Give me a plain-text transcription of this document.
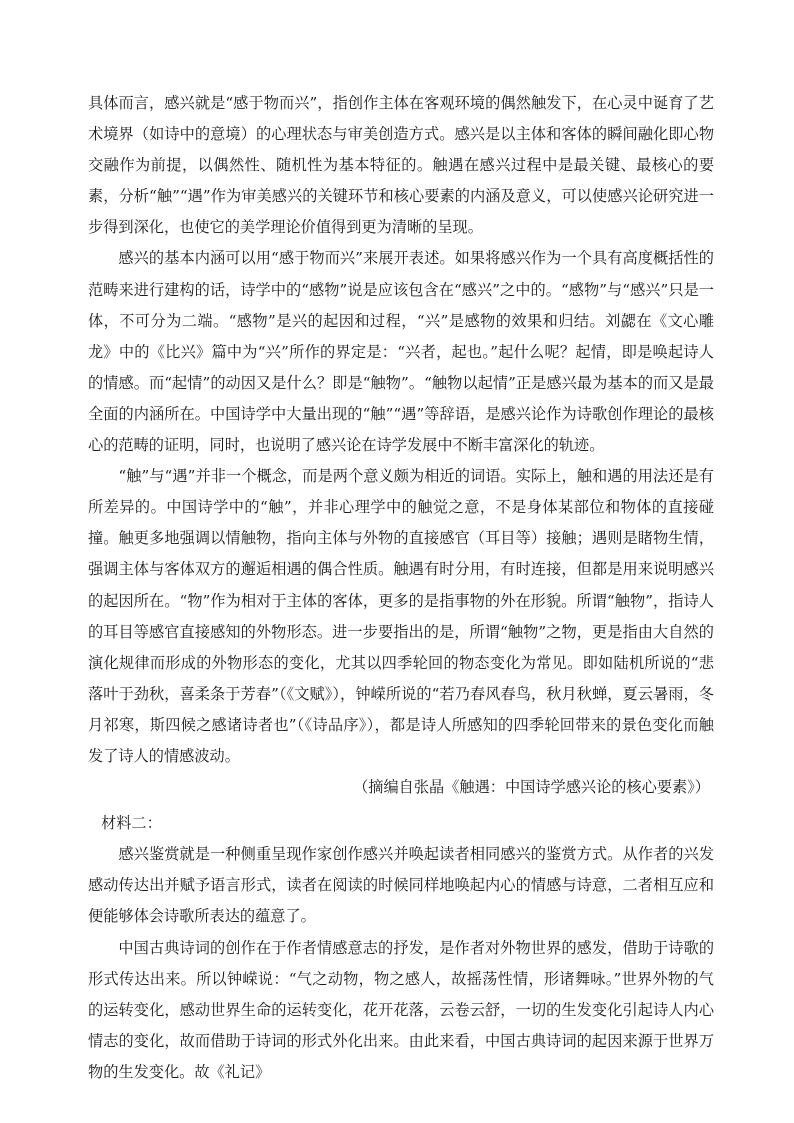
具体而言，感兴就是“感于物而兴”，指创作主体在客观环境的偶然触发下，在心灵中诞育了艺术境界（如诗中的意境）的心理状态与审美创造方式。感兴是以主体和客体的瞬间融化即心物交融作为前提，以偶然性、随机性为基本特征的。触遇在感兴过程中是最关键、最核心的要素，分析“触”“遇”作为审美感兴的关键环节和核心要素的内涵及意义，可以使感兴论研究进一步得到深化，也使它的美学理论价值得到更为清晰的呈现。

感兴的基本内涵可以用“感于物而兴”来展开表述。如果将感兴作为一个具有高度概括性的范畴来进行建构的话，诗学中的“感物”说是应该包含在“感兴”之中的。“感物”与“感兴”只是一体，不可分为二端。“感物”是兴的起因和过程，“兴”是感物的效果和归结。刘勰在《文心雕龙》中的《比兴》篇中为“兴”所作的界定是：“兴者，起也。”起什么呢？起情，即是唤起诗人的情感。而“起情”的动因又是什么？即是“触物”。“触物以起情”正是感兴最为基本的而又是最全面的内涵所在。中国诗学中大量出现的“触”“遇”等辞语，是感兴论作为诗歌创作理论的最核心的范畴的证明，同时，也说明了感兴论在诗学发展中不断丰富深化的轨迹。

“触”与“遇”并非一个概念，而是两个意义颇为相近的词语。实际上，触和遇的用法还是有所差异的。中国诗学中的“触”，并非心理学中的触觉之意，不是身体某部位和物体的直接碰撞。触更多地强调以情触物，指向主体与外物的直接感官（耳目等）接触；遇则是睹物生情，强调主体与客体双方的邂逅相遇的偶合性质。触遇有时分用，有时连接，但都是用来说明感兴的起因所在。“物”作为相对于主体的客体，更多的是指事物的外在形貌。所谓“触物”，指诗人的耳目等感官直接感知的外物形态。进一步要指出的是，所谓“触物”之物，更是指由大自然的演化规律而形成的外物形态的变化，尤其以四季轮回的物态变化为常见。即如陆机所说的“悲落叶于劲秋，喜柔条于芳春”（《文赋》），钟嵘所说的“若乃春风春鸟，秋月秋蝉，夏云暑雨，冬月祁寒，斯四候之感诸诗者也”（《诗品序》），都是诗人所感知的四季轮回带来的景色变化而触发了诗人的情感波动。

（摘编自张晶《触遇：中国诗学感兴论的核心要素》）

材料二：

感兴鉴赏就是一种侧重呈现作家创作感兴并唤起读者相同感兴的鉴赏方式。从作者的兴发感动传达出并赋予语言形式，读者在阅读的时候同样地唤起内心的情感与诗意，二者相互应和便能够体会诗歌所表达的蕴意了。

中国古典诗词的创作在于作者情感意志的抒发，是作者对外物世界的感发，借助于诗歌的形式传达出来。所以钟嵘说：“气之动物，物之感人，故摇荡性情，形诸舞咏。”世界外物的气的运转变化，感动世界生命的运转变化，花开花落，云卷云舒，一切的生发变化引起诗人内心情志的变化，故而借助于诗词的形式外化出来。由此来看，中国古典诗词的起因来源于世界万物的生发变化。故《礼记》
